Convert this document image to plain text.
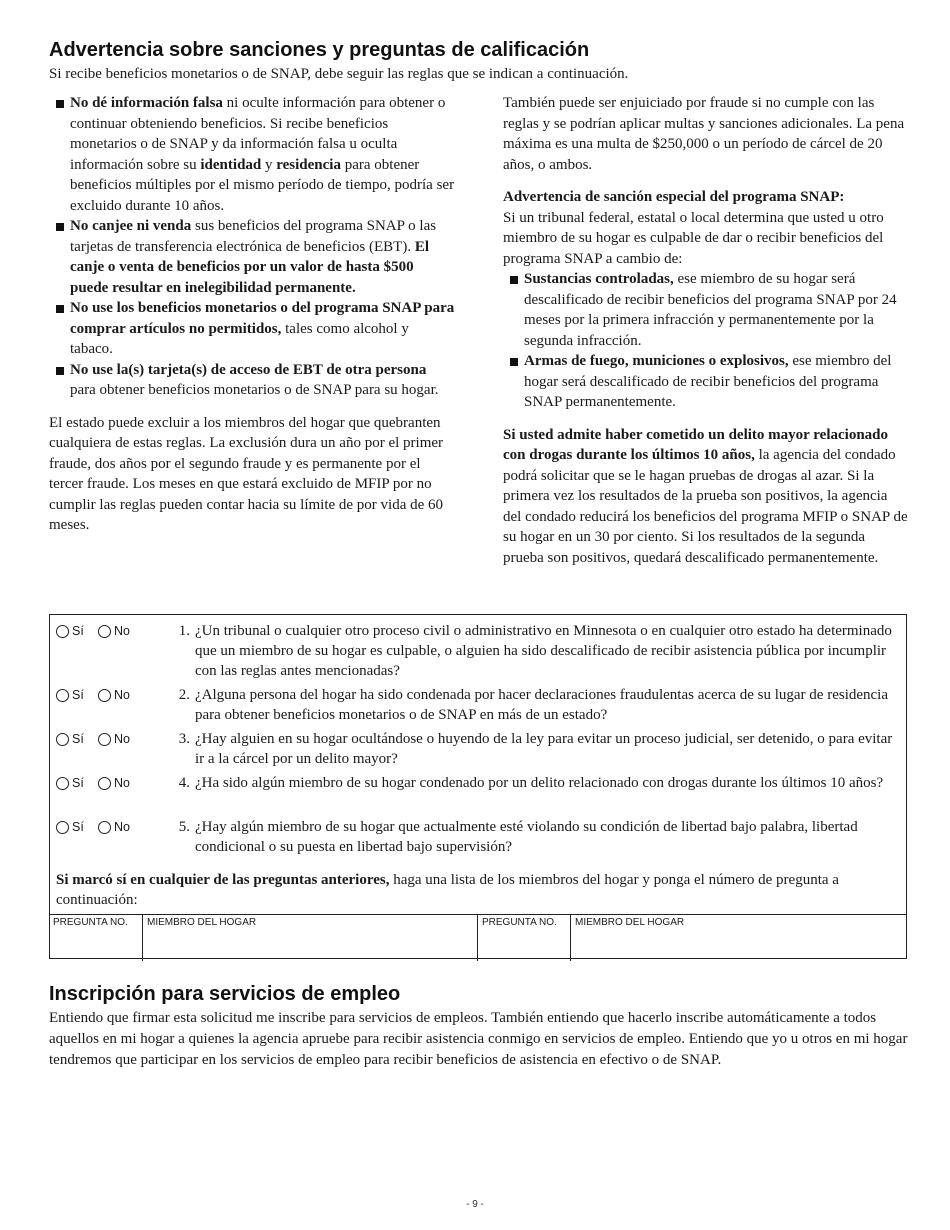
Advertencia sobre sanciones y preguntas de calificación

Si recibe beneficios monetarios o de SNAP, debe seguir las reglas que se indican a continuación.

No dé información falsa ni oculte información para obtener o continuar obteniendo beneficios. Si recibe beneficios monetarios o de SNAP y da información falsa u oculta información sobre su identidad y residencia para obtener beneficios múltiples por el mismo período de tiempo, podría ser excluido durante 10 años.
No canjee ni venda sus beneficios del programa SNAP o las tarjetas de transferencia electrónica de beneficios (EBT). El canje o venta de beneficios por un valor de hasta $500 puede resultar en inelegibilidad permanente.
No use los beneficios monetarios o del programa SNAP para comprar artículos no permitidos, tales como alcohol y tabaco.
No use la(s) tarjeta(s) de acceso de EBT de otra persona para obtener beneficios monetarios o de SNAP para su hogar.

El estado puede excluir a los miembros del hogar que quebranten cualquiera de estas reglas. La exclusión dura un año por el primer fraude, dos años por el segundo fraude y es permanente por el tercer fraude. Los meses en que estará excluido de MFIP por no cumplir las reglas pueden contar hacia su límite de por vida de 60 meses.

También puede ser enjuiciado por fraude si no cumple con las reglas y se podrían aplicar multas y sanciones adicionales. La pena máxima es una multa de $250,000 o un período de cárcel de 20 años, o ambos.

Advertencia de sanción especial del programa SNAP:
Si un tribunal federal, estatal o local determina que usted u otro miembro de su hogar es culpable de dar o recibir beneficios del programa SNAP a cambio de:

Sustancias controladas, ese miembro de su hogar será descalificado de recibir beneficios del programa SNAP por 24 meses por la primera infracción y permanentemente por la segunda infracción.
Armas de fuego, municiones o explosivos, ese miembro del hogar será descalificado de recibir beneficios del programa SNAP permanentemente.

Si usted admite haber cometido un delito mayor relacionado con drogas durante los últimos 10 años, la agencia del condado podrá solicitar que se le hagan pruebas de drogas al azar. Si la primera vez los resultados de la prueba son positivos, la agencia del condado reducirá los beneficios del programa MFIP o SNAP de su hogar en un 30 por ciento. Si los resultados de la segunda prueba son positivos, quedará descalificado permanentemente.

Sí	No	1. ¿Un tribunal o cualquier otro proceso civil o administrativo en Minnesota o en cualquier otro estado ha determinado que un miembro de su hogar es culpable, o alguien ha sido descalificado de recibir asistencia pública por incumplir con las reglas antes mencionadas?
Sí	No	2. ¿Alguna persona del hogar ha sido condenada por hacer declaraciones fraudulentas acerca de su lugar de residencia para obtener beneficios monetarios o de SNAP en más de un estado?
Sí	No	3. ¿Hay alguien en su hogar ocultándose o huyendo de la ley para evitar un proceso judicial, ser detenido, o para evitar ir a la cárcel por un delito mayor?
Sí	No	4. ¿Ha sido algún miembro de su hogar condenado por un delito relacionado con drogas durante los últimos 10 años?
Sí	No	5. ¿Hay algún miembro de su hogar que actualmente esté violando su condición de libertad bajo palabra, libertad condicional o su puesta en libertad bajo supervisión?
Si marcó sí en cualquier de las preguntas anteriores, haga una lista de los miembros del hogar y ponga el número de pregunta a continuación:
PREGUNTA NO.	MIEMBRO DEL HOGAR	PREGUNTA NO.	MIEMBRO DEL HOGAR
Inscripción para servicios de empleo

Entiendo que firmar esta solicitud me inscribe para servicios de empleos. También entiendo que hacerlo inscribe automáticamente a todos aquellos en mi hogar a quienes la agencia apruebe para recibir asistencia conmigo en servicios de empleo. Entiendo que yo u otros en mi hogar tendremos que participar en los servicios de empleo para recibir beneficios de asistencia en efectivo o de SNAP.

- 9 -
